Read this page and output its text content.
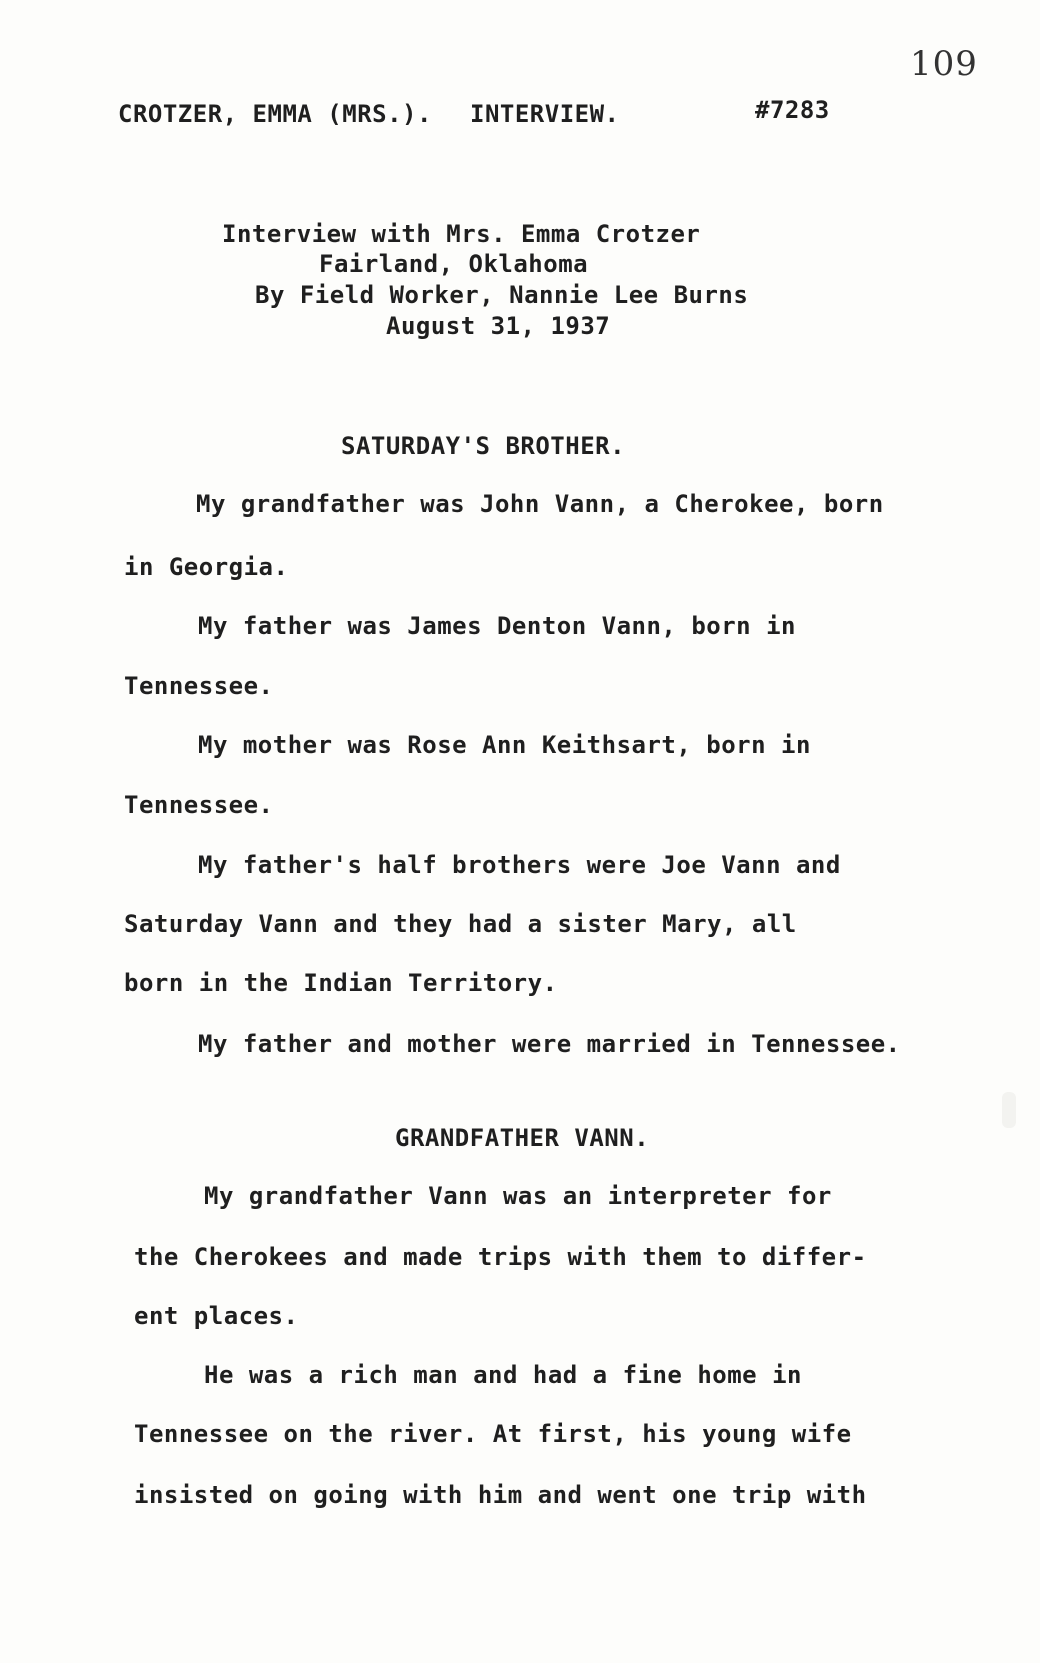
109
CROTZER, EMMA (MRS.). INTERVIEW.	#7283
Interview with Mrs. Emma Crotzer
Fairland, Oklahoma
By Field Worker, Nannie Lee Burns
August 31, 1937
SATURDAY'S BROTHER.
My grandfather was John Vann, a Cherokee, born
in Georgia.
My father was James Denton Vann, born in
Tennessee.
My mother was Rose Ann Keithsart, born in
Tennessee.
My father's half brothers were Joe Vann and
Saturday Vann and they had a sister Mary, all
born in the Indian Territory.
My father and mother were married in Tennessee.
GRANDFATHER VANN.
My grandfather Vann was an interpreter for
the Cherokees and made trips with them to differ-
ent places.
He was a rich man and had a fine home in
Tennessee on the river. At first, his young wife
insisted on going with him and went one trip with
